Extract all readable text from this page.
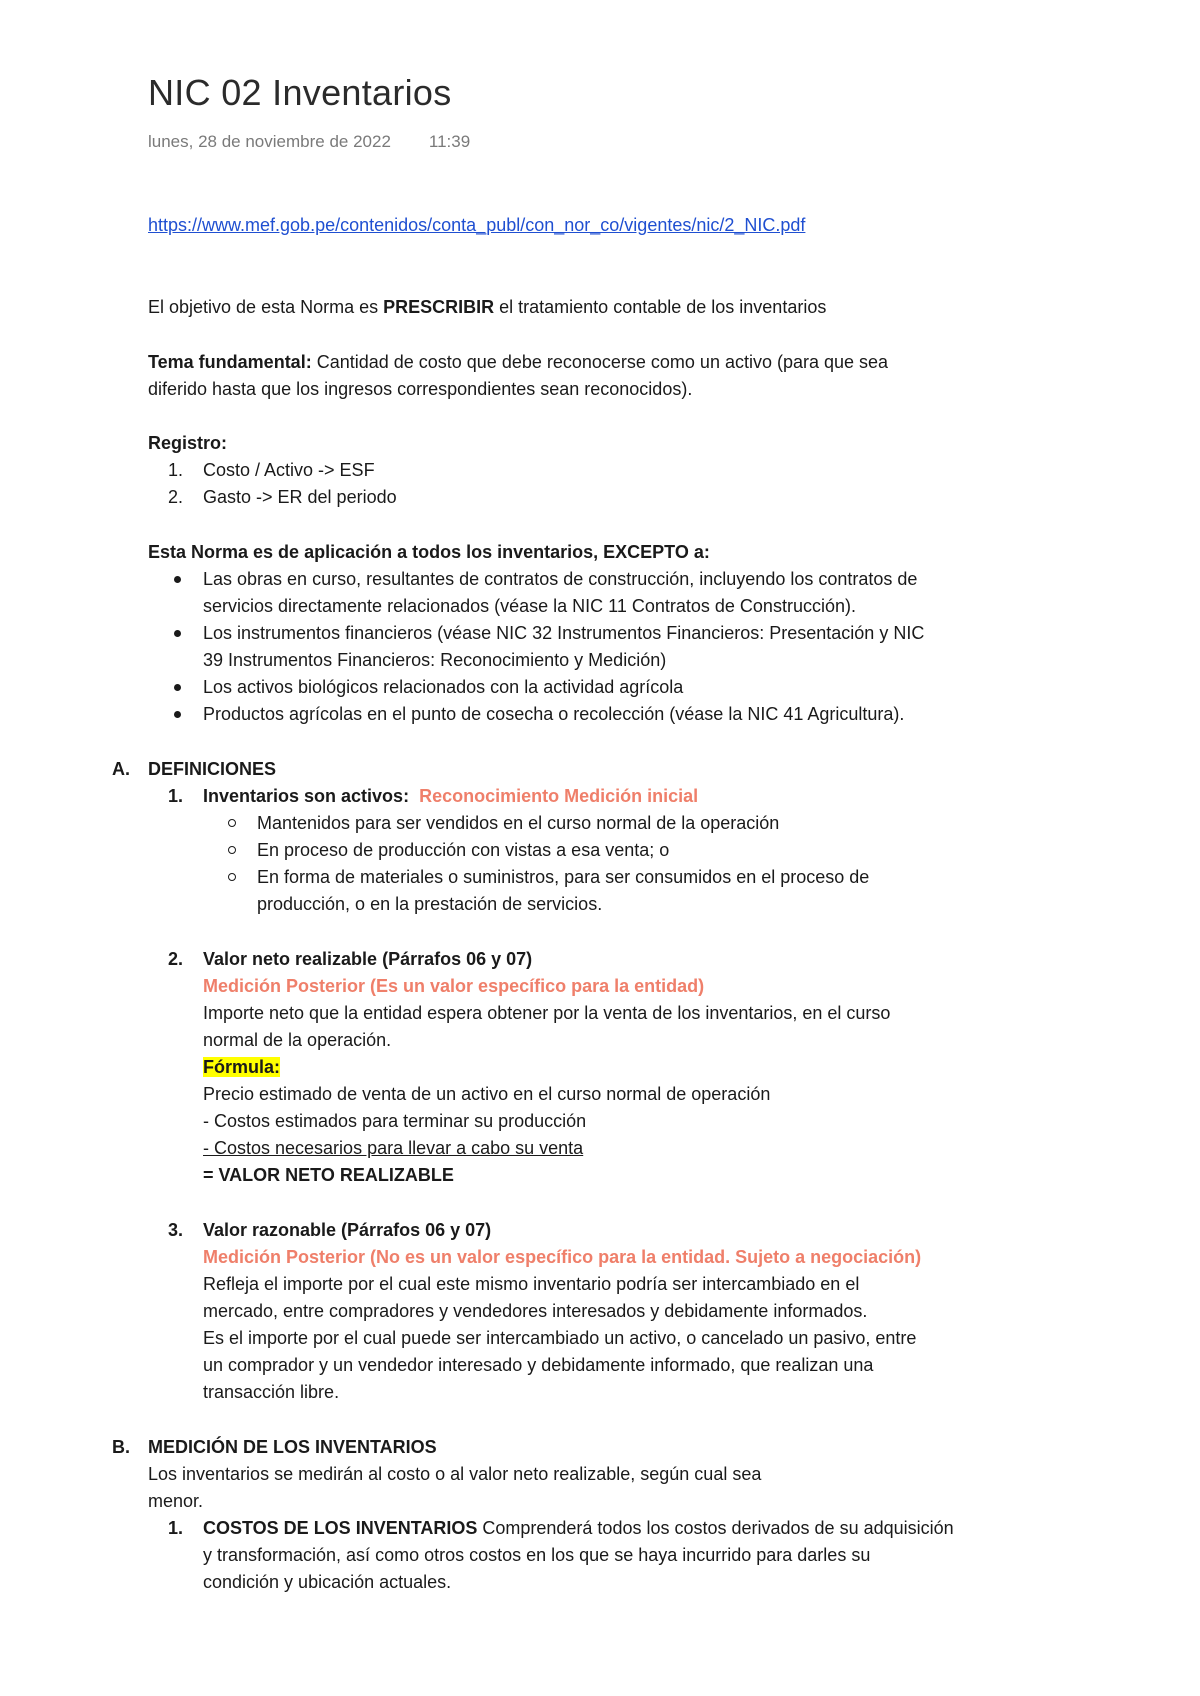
NIC 02 Inventarios
lunes, 28 de noviembre de 2022 11:39
https://www.mef.gob.pe/contenidos/conta_publ/con_nor_co/vigentes/nic/2_NIC.pdf
El objetivo de esta Norma es PRESCRIBIR el tratamiento contable de los inventarios
Tema fundamental: Cantidad de costo que debe reconocerse como un activo (para que sea
diferido hasta que los ingresos correspondientes sean reconocidos).
Registro:
1. Costo / Activo -> ESF
2. Gasto -> ER del periodo
Esta Norma es de aplicación a todos los inventarios, EXCEPTO a:
Las obras en curso, resultantes de contratos de construcción, incluyendo los contratos de
servicios directamente relacionados (véase la NIC 11 Contratos de Construcción).
Los instrumentos financieros (véase NIC 32 Instrumentos Financieros: Presentación y NIC
39 Instrumentos Financieros: Reconocimiento y Medición)
Los activos biológicos relacionados con la actividad agrícola
Productos agrícolas en el punto de cosecha o recolección (véase la NIC 41 Agricultura).
A. DEFINICIONES
1. Inventarios son activos: Reconocimiento Medición inicial
Mantenidos para ser vendidos en el curso normal de la operación
En proceso de producción con vistas a esa venta; o
En forma de materiales o suministros, para ser consumidos en el proceso de
producción, o en la prestación de servicios.
2. Valor neto realizable (Párrafos 06 y 07)
Medición Posterior (Es un valor específico para la entidad)
Importe neto que la entidad espera obtener por la venta de los inventarios, en el curso
normal de la operación.
Fórmula:
Precio estimado de venta de un activo en el curso normal de operación
- Costos estimados para terminar su producción
- Costos necesarios para llevar a cabo su venta
= VALOR NETO REALIZABLE
3. Valor razonable (Párrafos 06 y 07)
Medición Posterior (No es un valor específico para la entidad. Sujeto a negociación)
Refleja el importe por el cual este mismo inventario podría ser intercambiado en el
mercado, entre compradores y vendedores interesados y debidamente informados.
Es el importe por el cual puede ser intercambiado un activo, o cancelado un pasivo, entre
un comprador y un vendedor interesado y debidamente informado, que realizan una
transacción libre.
B. MEDICIÓN DE LOS INVENTARIOS
Los inventarios se medirán al costo o al valor neto realizable, según cual sea
menor.
1. COSTOS DE LOS INVENTARIOS Comprenderá todos los costos derivados de su adquisición
y transformación, así como otros costos en los que se haya incurrido para darles su
condición y ubicación actuales.
